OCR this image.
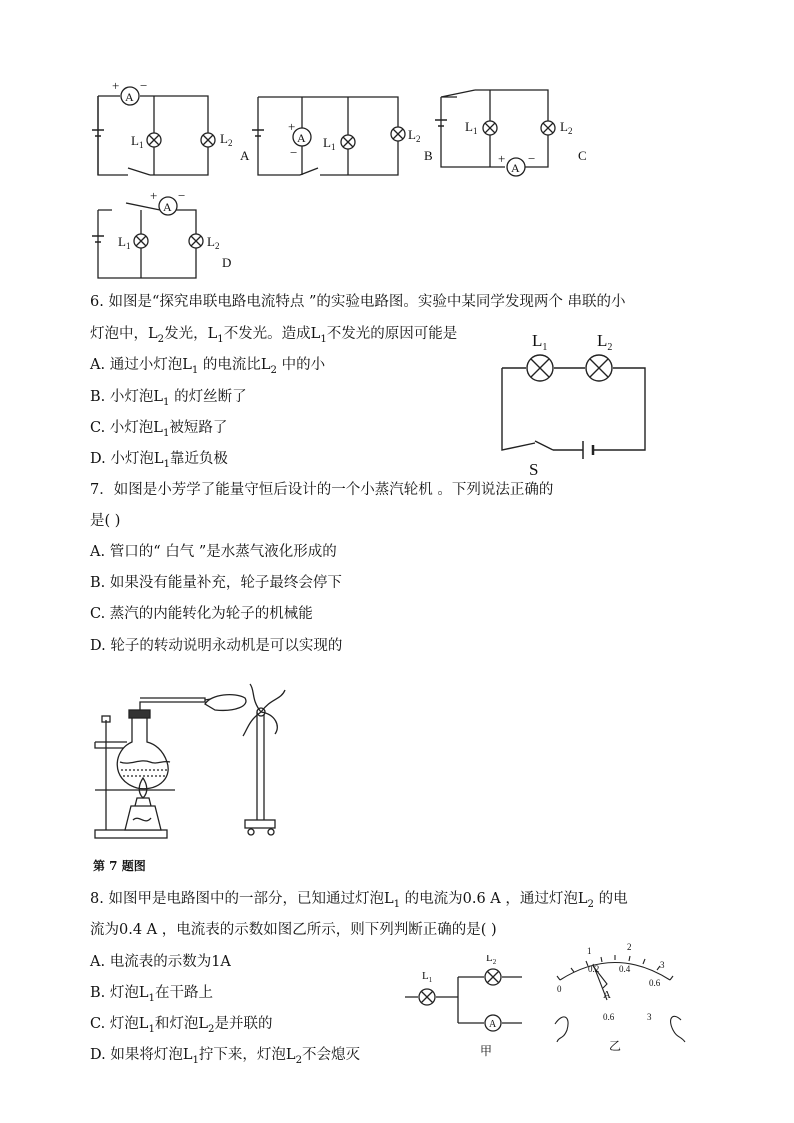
+ −
A
$L_1$	$L_2$
A
+
−
A $L_1$
$L_2$
B
$L_1$	$L_2$
+ −
A
C
+ −
A
$L_1$	$L_2$
D
6. 如图是“探究串联电路电流特点 ”的实验电路图。实验中某同学发现两个 串联的小
灯泡中，$L_2$发光，$L_1$不发光。造成$L_1$不发光的原因可能是
A. 通过小灯泡$L_1$ 的电流比$L_2$ 中的小
B. 小灯泡$L_1$ 的灯丝断了
C. 小灯泡$L_1$被短路了
D. 小灯泡$L_1$靠近负极
$L_1$	$L_2$
S
7．如图是小芳学了能量守恒后设计的一个小蒸汽轮机 。下列说法正确的
是( )
A. 管口的“ 白气 ”是水蒸气液化形成的
B. 如果没有能量补充，轮子最终会停下
C. 蒸汽的内能转化为轮子的机械能
D. 轮子的转动说明永动机是可以实现的
第 7 题图
8. 如图甲是电路图中的一部分，已知通过灯泡$L_1$ 的电流为0.6 A ，通过灯泡$L_2$ 的电
流为0.4 A ，电流表的示数如图乙所示，则下列判断正确的是( )
A. 电流表的示数为1A
B. 灯泡$L_1$在干路上
C. 灯泡$L_1$和灯泡$L_2$是并联的
D. 如果将灯泡$L_1$拧下来，灯泡$L_2$不会熄灭
$L_1$
$L_2$
A
甲
1	2
3
0
0.2 0.4
0.6
A
0.6	3
乙
